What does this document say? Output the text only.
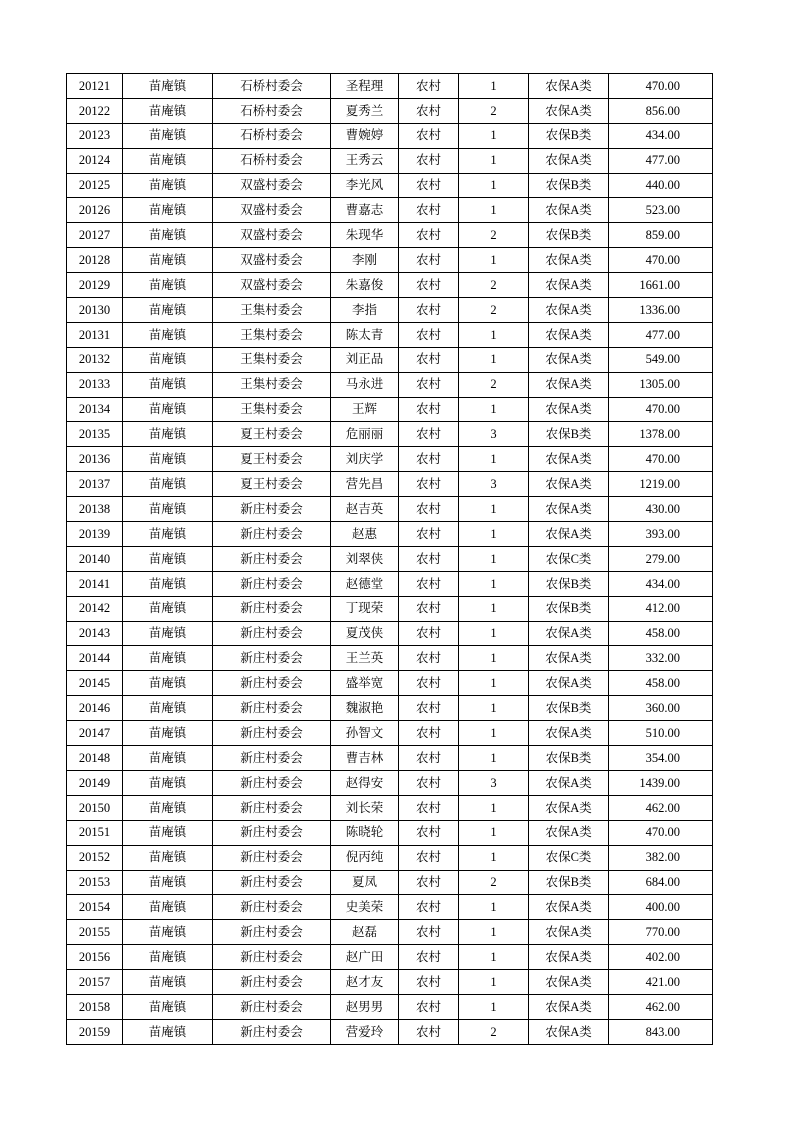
20121	苗庵镇	石桥村委会	圣程理	农村	1	农保A类	470.00
20122	苗庵镇	石桥村委会	夏秀兰	农村	2	农保A类	856.00
20123	苗庵镇	石桥村委会	曹婉婷	农村	1	农保B类	434.00
20124	苗庵镇	石桥村委会	王秀云	农村	1	农保A类	477.00
20125	苗庵镇	双盛村委会	李光风	农村	1	农保B类	440.00
20126	苗庵镇	双盛村委会	曹嘉志	农村	1	农保A类	523.00
20127	苗庵镇	双盛村委会	朱现华	农村	2	农保B类	859.00
20128	苗庵镇	双盛村委会	李刚	农村	1	农保A类	470.00
20129	苗庵镇	双盛村委会	朱嘉俊	农村	2	农保A类	1661.00
20130	苗庵镇	王集村委会	李指	农村	2	农保A类	1336.00
20131	苗庵镇	王集村委会	陈太青	农村	1	农保A类	477.00
20132	苗庵镇	王集村委会	刘正品	农村	1	农保A类	549.00
20133	苗庵镇	王集村委会	马永进	农村	2	农保A类	1305.00
20134	苗庵镇	王集村委会	王辉	农村	1	农保A类	470.00
20135	苗庵镇	夏王村委会	危丽丽	农村	3	农保B类	1378.00
20136	苗庵镇	夏王村委会	刘庆学	农村	1	农保A类	470.00
20137	苗庵镇	夏王村委会	营先昌	农村	3	农保A类	1219.00
20138	苗庵镇	新庄村委会	赵吉英	农村	1	农保A类	430.00
20139	苗庵镇	新庄村委会	赵惠	农村	1	农保A类	393.00
20140	苗庵镇	新庄村委会	刘翠侠	农村	1	农保C类	279.00
20141	苗庵镇	新庄村委会	赵德堂	农村	1	农保B类	434.00
20142	苗庵镇	新庄村委会	丁现荣	农村	1	农保B类	412.00
20143	苗庵镇	新庄村委会	夏茂侠	农村	1	农保A类	458.00
20144	苗庵镇	新庄村委会	王兰英	农村	1	农保A类	332.00
20145	苗庵镇	新庄村委会	盛举宽	农村	1	农保A类	458.00
20146	苗庵镇	新庄村委会	魏淑艳	农村	1	农保B类	360.00
20147	苗庵镇	新庄村委会	孙智文	农村	1	农保A类	510.00
20148	苗庵镇	新庄村委会	曹吉林	农村	1	农保B类	354.00
20149	苗庵镇	新庄村委会	赵得安	农村	3	农保A类	1439.00
20150	苗庵镇	新庄村委会	刘长荣	农村	1	农保A类	462.00
20151	苗庵镇	新庄村委会	陈晓轮	农村	1	农保A类	470.00
20152	苗庵镇	新庄村委会	倪丙纯	农村	1	农保C类	382.00
20153	苗庵镇	新庄村委会	夏凤	农村	2	农保B类	684.00
20154	苗庵镇	新庄村委会	史美荣	农村	1	农保A类	400.00
20155	苗庵镇	新庄村委会	赵磊	农村	1	农保A类	770.00
20156	苗庵镇	新庄村委会	赵广田	农村	1	农保A类	402.00
20157	苗庵镇	新庄村委会	赵才友	农村	1	农保A类	421.00
20158	苗庵镇	新庄村委会	赵男男	农村	1	农保A类	462.00
20159	苗庵镇	新庄村委会	营爱玲	农村	2	农保A类	843.00
